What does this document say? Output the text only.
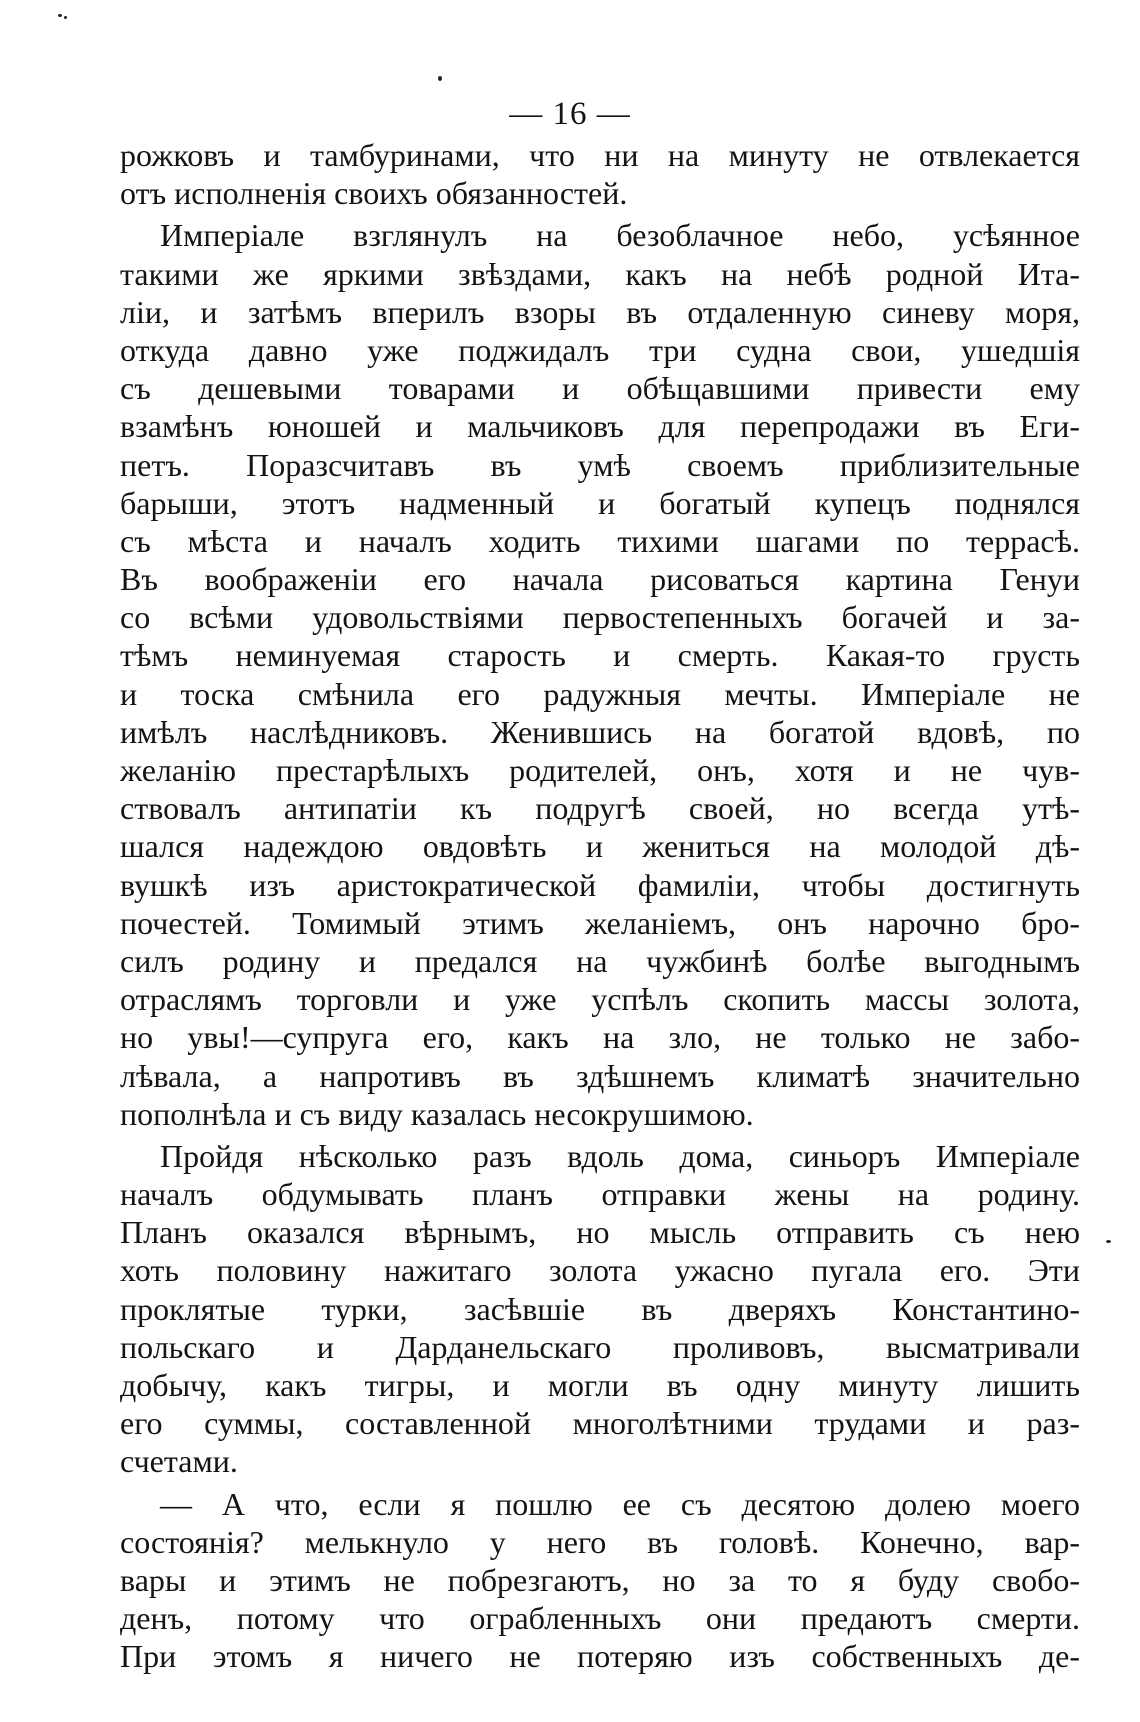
— 16 —
рожковъ и тамбуринами, что ни на минуту не отвлекается
отъ исполненія своихъ обязанностей.
Имперіале взглянулъ на безоблачное небо, усѣянное
такими же яркими звѣздами, какъ на небѣ родной Ита-
ліи, и затѣмъ вперилъ взоры въ отдаленную синеву моря,
откуда давно уже поджидалъ три судна свои, ушедшія
съ дешевыми товарами и обѣщавшими привести ему
взамѣнъ юношей и мальчиковъ для перепродажи въ Еги-
петъ. Поразсчитавъ въ умѣ своемъ приблизительные
барыши, этотъ надменный и богатый купецъ поднялся
съ мѣста и началъ ходить тихими шагами по террасѣ.
Въ воображеніи его начала рисоваться картина Генуи
со всѣми удовольствіями первостепенныхъ богачей и за-
тѣмъ неминуемая старость и смерть. Какая-то грусть
и тоска смѣнила его радужныя мечты. Имперіале не
имѣлъ наслѣдниковъ. Женившись на богатой вдовѣ, по
желанію престарѣлыхъ родителей, онъ, хотя и не чув-
ствовалъ антипатіи къ подругѣ своей, но всегда утѣ-
шался надеждою овдовѣть и жениться на молодой дѣ-
вушкѣ изъ аристократической фамиліи, чтобы достигнуть
почестей. Томимый этимъ желаніемъ, онъ нарочно бро-
силъ родину и предался на чужбинѣ болѣе выгоднымъ
отраслямъ торговли и уже успѣлъ скопить массы золота,
но увы!—супруга его, какъ на зло, не только не забо-
лѣвала, а напротивъ въ здѣшнемъ климатѣ значительно
пополнѣла и съ виду казалась несокрушимою.
Пройдя нѣсколько разъ вдоль дома, синьоръ Имперіале
началъ обдумывать планъ отправки жены на родину.
Планъ оказался вѣрнымъ, но мысль отправить съ нею
хоть половину нажитаго золота ужасно пугала его. Эти
проклятые турки, засѣвшіе въ дверяхъ Константино-
польскаго и Дарданельскаго проливовъ, высматривали
добычу, какъ тигры, и могли въ одну минуту лишить
его суммы, составленной многолѣтними трудами и раз-
счетами.
— А что, если я пошлю ее съ десятою долею моего
состоянія? мелькнуло у него въ головѣ. Конечно, вар-
вары и этимъ не побрезгаютъ, но за то я буду свобо-
денъ, потому что ограбленныхъ они предаютъ смерти.
При этомъ я ничего не потеряю изъ собственныхъ де-
